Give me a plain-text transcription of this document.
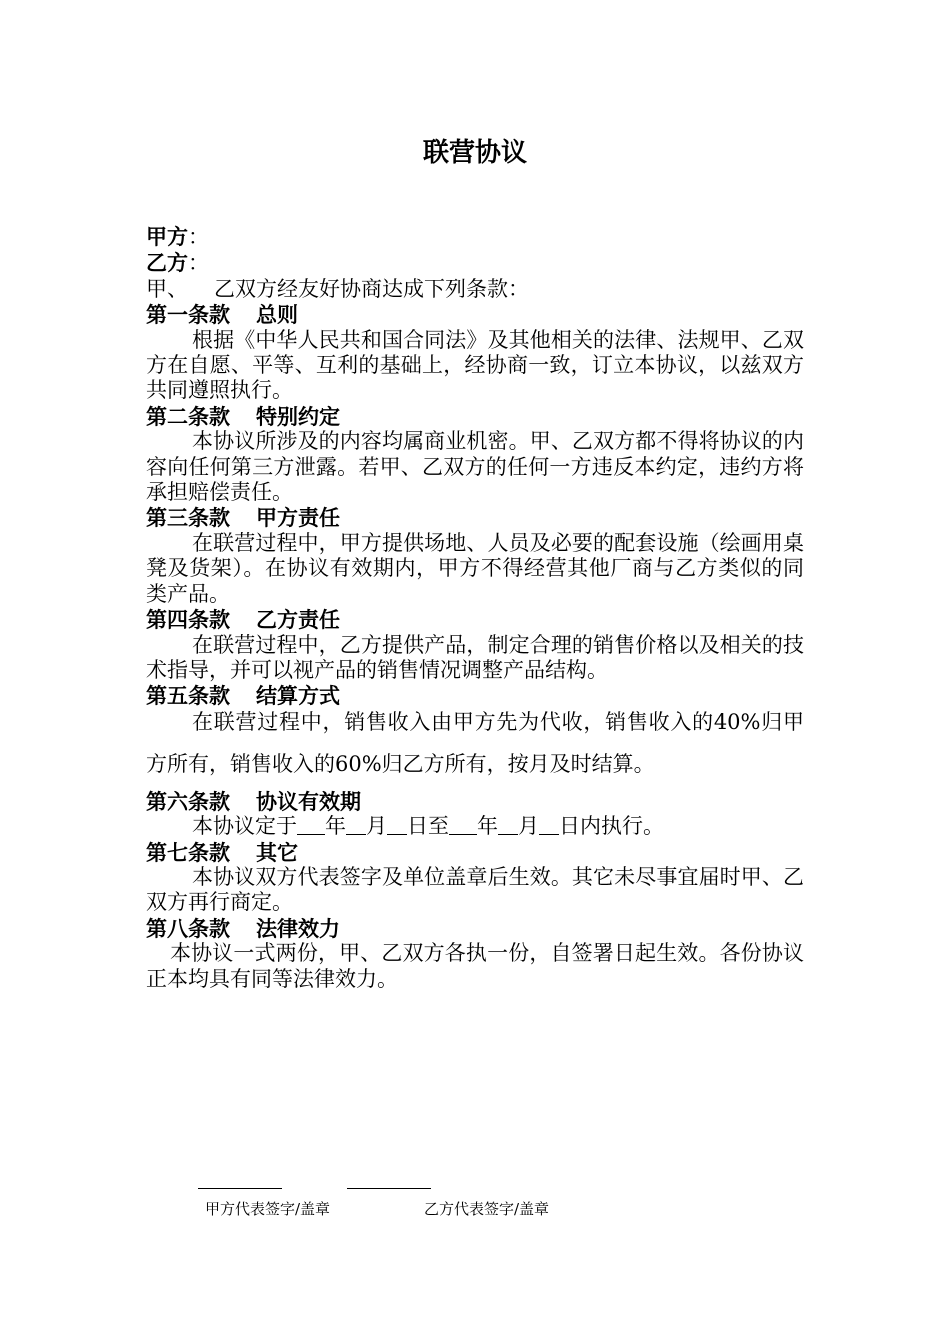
联营协议
甲方：
乙方：
甲、 乙双方经友好协商达成下列条款：
第一条款 总则

根据《中华人民共和国合同法》及其他相关的法律、法规甲、乙双方在自愿、平等、互利的基础上，经协商一致，订立本协议，以兹双方共同遵照执行。

第二条款 特别约定

本协议所涉及的内容均属商业机密。甲、乙双方都不得将协议的内容向任何第三方泄露。若甲、乙双方的任何一方违反本约定，违约方将承担赔偿责任。

第三条款 甲方责任

在联营过程中，甲方提供场地、人员及必要的配套设施（绘画用桌凳及货架）。在协议有效期内，甲方不得经营其他厂商与乙方类似的同类产品。

第四条款 乙方责任

在联营过程中，乙方提供产品，制定合理的销售价格以及相关的技术指导，并可以视产品的销售情况调整产品结构。

第五条款 结算方式

在联营过程中，销售收入由甲方先为代收，销售收入的40%归甲方所有，销售收入的60%归乙方所有，按月及时结算。

第六条款 协议有效期

本协议定于 年 月 日至 年 月 日内执行。

第七条款 其它

本协议双方代表签字及单位盖章后生效。其它未尽事宜届时甲、乙双方再行商定。

第八条款 法律效力

本协议一式两份，甲、乙双方各执一份，自签署日起生效。各份协议正本均具有同等法律效力。

甲方代表签字/盖章	乙方代表签字/盖章
